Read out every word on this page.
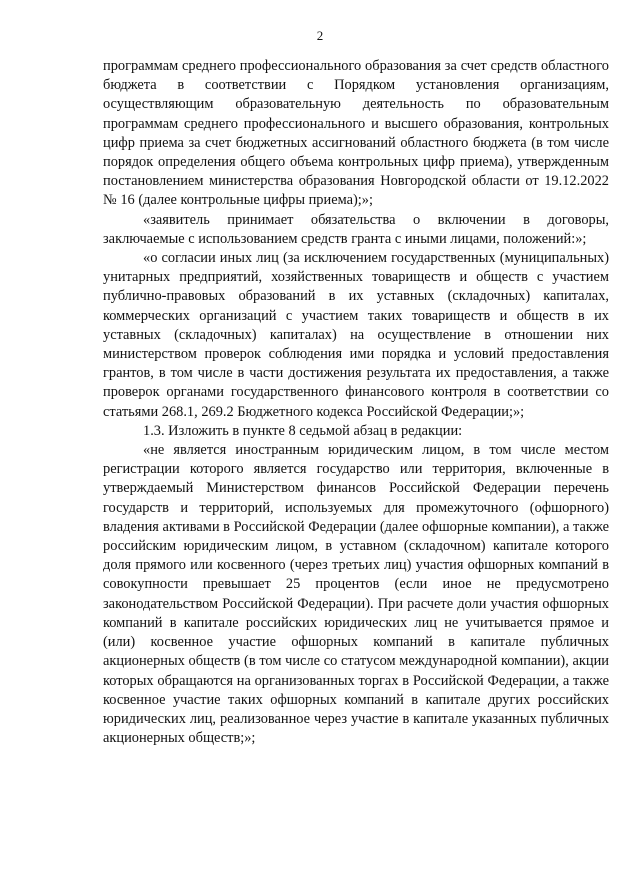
2

программам среднего профессионального образования за счет средств областного бюджета в соответствии с Порядком установления организациям, осуществляющим образовательную деятельность по образовательным программам среднего профессионального и высшего образования, контрольных цифр приема за счет бюджетных ассигнований областного бюджета (в том числе порядок определения общего объема контрольных цифр приема), утвержденным постановлением министерства образования Новгородской области от 19.12.2022 № 16 (далее контрольные цифры приема);»;

«заявитель принимает обязательства о включении в договоры, заключаемые с использованием средств гранта с иными лицами, положений:»;

«о согласии иных лиц (за исключением государственных (муниципальных) унитарных предприятий, хозяйственных товариществ и обществ с участием публично-правовых образований в их уставных (складочных) капиталах, коммерческих организаций с участием таких товариществ и обществ в их уставных (складочных) капиталах) на осуществление в отношении них министерством проверок соблюдения ими порядка и условий предоставления грантов, в том числе в части достижения результата их предоставления, а также проверок органами государственного финансового контроля в соответствии со статьями 268.1, 269.2 Бюджетного кодекса Российской Федерации;»;

1.3. Изложить в пункте 8 седьмой абзац в редакции:

«не является иностранным юридическим лицом, в том числе местом регистрации которого является государство или территория, включенные в утверждаемый Министерством финансов Российской Федерации перечень государств и территорий, используемых для промежуточного (офшорного) владения активами в Российской Федерации (далее офшорные компании), а также российским юридическим лицом, в уставном (складочном) капитале которого доля прямого или косвенного (через третьих лиц) участия офшорных компаний в совокупности превышает 25 процентов (если иное не предусмотрено законодательством Российской Федерации). При расчете доли участия офшорных компаний в капитале российских юридических лиц не учитывается прямое и (или) косвенное участие офшорных компаний в капитале публичных акционерных обществ (в том числе со статусом международной компании), акции которых обращаются на организованных торгах в Российской Федерации, а также косвенное участие таких офшорных компаний в капитале других российских юридических лиц, реализованное через участие в капитале указанных публичных акционерных обществ;»;
